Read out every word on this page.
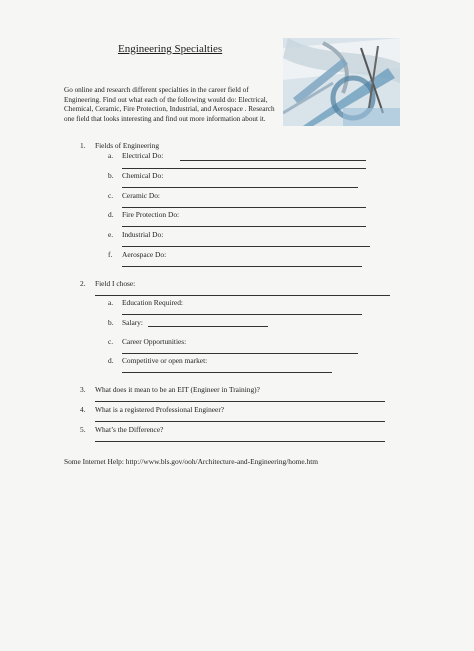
Engineering Specialties
Go online and research different specialties in the career field of Engineering. Find out what each of the following would do: Electrical, Chemical, Ceramic, Fire Protection, Industrial, and Aerospace . Research one field that looks interesting and find out more information about it.
1. Fields of Engineering
a. Electrical Do:
b. Chemical Do:
c. Ceramic Do:
d. Fire Protection Do:
e. Industrial Do:
f. Aerospace Do:
2. Field I chose:
a. Education Required:
b. Salary:
c. Career Opportunities:
d. Competitive or open market:
3. What does it mean to be an EIT (Engineer in Training)?
4. What is a registered Professional Engineer?
5. What’s the Difference?
Some Internet Help: http://www.bls.gov/ooh/Architecture-and-Engineering/home.htm
